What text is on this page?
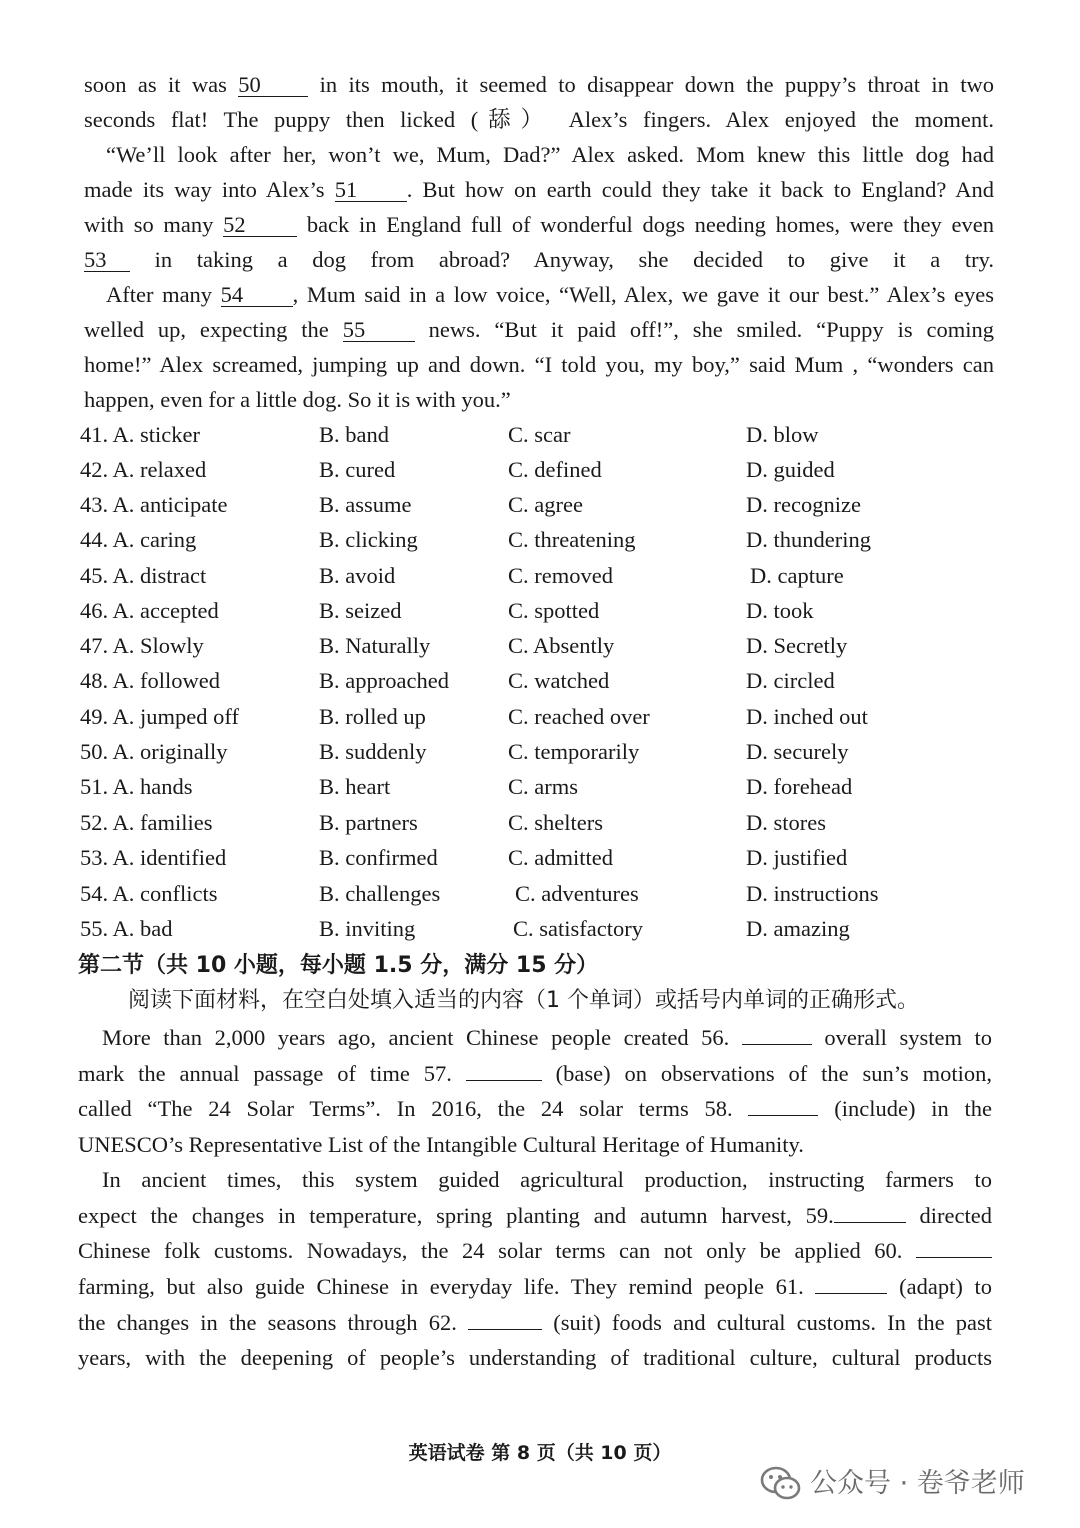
soon as it was 50	in its mouth, it seemed to disappear down the puppy’s throat in two
seconds flat! The puppy then licked (舔） Alex’s fingers. Alex enjoyed the moment.
“We’ll look after her, won’t we, Mum, Dad?” Alex asked. Mom knew this little dog had
made its way into Alex’s 51 . But how on earth could they take it back to England? And
with so many 52	back in England full of wonderful dogs needing homes, were they even
53 in taking a dog from abroad? Anyway, she decided to give it a try.
After many 54 , Mum said in a low voice, “Well, Alex, we gave it our best.” Alex’s eyes
welled up, expecting the 55	news. “But it paid off!”, she smiled. “Puppy is coming
home!” Alex screamed, jumping up and down. “I told you, my boy,” said Mum , “wonders can
happen, even for a little dog. So it is with you.”
41. A. sticker	B. band	C. scar	D. blow
42. A. relaxed	B. cured	C. defined	D. guided
43. A. anticipate	B. assume	C. agree	D. recognize
44. A. caring	B. clicking	C. threatening	D. thundering
45. A. distract	B. avoid	C. removed	D. capture
46. A. accepted	B. seized	C. spotted	D. took
47. A. Slowly	B. Naturally	C. Absently	D. Secretly
48. A. followed	B. approached	C. watched	D. circled
49. A. jumped off	B. rolled up	C. reached over	D. inched out
50. A. originally	B. suddenly	C. temporarily	D. securely
51. A. hands	B. heart	C. arms	D. forehead
52. A. families	B. partners	C. shelters	D. stores
53. A. identified	B. confirmed	C. admitted	D. justified
54. A. conflicts	B. challenges	C. adventures	D. instructions
55. A. bad	B. inviting	C. satisfactory	D. amazing
第二节（共 10 小题，每小题 1.5 分，满分 15 分）
阅读下面材料，在空白处填入适当的内容（1 个单词）或括号内单词的正确形式。
More than 2,000 years ago, ancient Chinese people created 56.	overall system to
mark the annual passage of time 57.	(base) on observations of the sun’s motion,
called “The 24 Solar Terms”. In 2016, the 24 solar terms 58.	(include) in the
UNESCO’s Representative List of the Intangible Cultural Heritage of Humanity.
In ancient times, this system guided agricultural production, instructing farmers to
expect the changes in temperature, spring planting and autumn harvest, 59.	directed
Chinese folk customs. Nowadays, the 24 solar terms can not only be applied 60.
farming, but also guide Chinese in everyday life. They remind people 61.	(adapt) to
the changes in the seasons through 62.	(suit) foods and cultural customs. In the past
years, with the deepening of people’s understanding of traditional culture, cultural products
英语试卷 第 8 页（共 10 页）
公众号 · 卷爷老师
